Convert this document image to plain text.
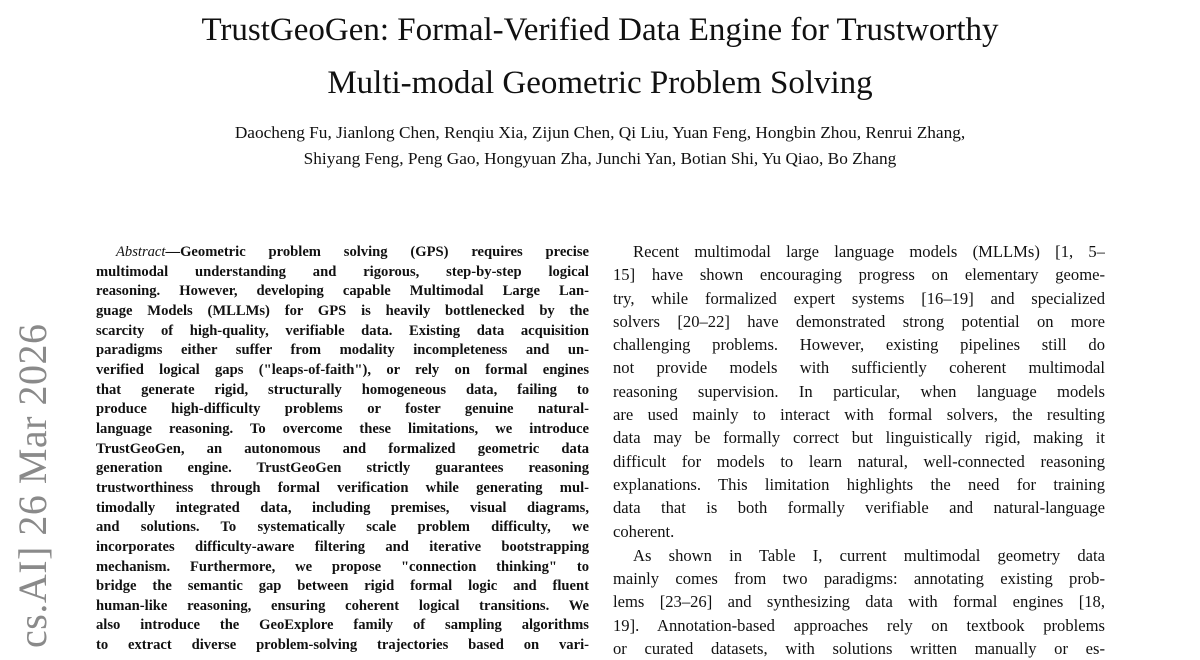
TrustGeoGen: Formal-Verified Data Engine for Trustworthy
Multi-modal Geometric Problem Solving
Daocheng Fu, Jianlong Chen, Renqiu Xia, Zijun Chen, Qi Liu, Yuan Feng, Hongbin Zhou, Renrui Zhang,
Shiyang Feng, Peng Gao, Hongyuan Zha, Junchi Yan, Botian Shi, Yu Qiao, Bo Zhang
cs.AI] 26 Mar 2026
Abstract—Geometric problem solving (GPS) requires precise
multimodal understanding and rigorous, step-by-step logical
reasoning. However, developing capable Multimodal Large Lan-
guage Models (MLLMs) for GPS is heavily bottlenecked by the
scarcity of high-quality, verifiable data. Existing data acquisition
paradigms either suffer from modality incompleteness and un-
verified logical gaps ("leaps-of-faith"), or rely on formal engines
that generate rigid, structurally homogeneous data, failing to
produce high-difficulty problems or foster genuine natural-
language reasoning. To overcome these limitations, we introduce
TrustGeoGen, an autonomous and formalized geometric data
generation engine. TrustGeoGen strictly guarantees reasoning
trustworthiness through formal verification while generating mul-
timodally integrated data, including premises, visual diagrams,
and solutions. To systematically scale problem difficulty, we
incorporates difficulty-aware filtering and iterative bootstrapping
mechanism. Furthermore, we propose "connection thinking" to
bridge the semantic gap between rigid formal logic and fluent
human-like reasoning, ensuring coherent logical transitions. We
also introduce the GeoExplore family of sampling algorithms
to extract diverse problem-solving trajectories based on vari-
Recent multimodal large language models (MLLMs) [1, 5–
15] have shown encouraging progress on elementary geome-
try, while formalized expert systems [16–19] and specialized
solvers [20–22] have demonstrated strong potential on more
challenging problems. However, existing pipelines still do
not provide models with sufficiently coherent multimodal
reasoning supervision. In particular, when language models
are used mainly to interact with formal solvers, the resulting
data may be formally correct but linguistically rigid, making it
difficult for models to learn natural, well-connected reasoning
explanations. This limitation highlights the need for training
data that is both formally verifiable and natural-language
coherent.
As shown in Table I, current multimodal geometry data
mainly comes from two paradigms: annotating existing prob-
lems [23–26] and synthesizing data with formal engines [18,
19]. Annotation-based approaches rely on textbook problems
or curated datasets, with solutions written manually or es-
